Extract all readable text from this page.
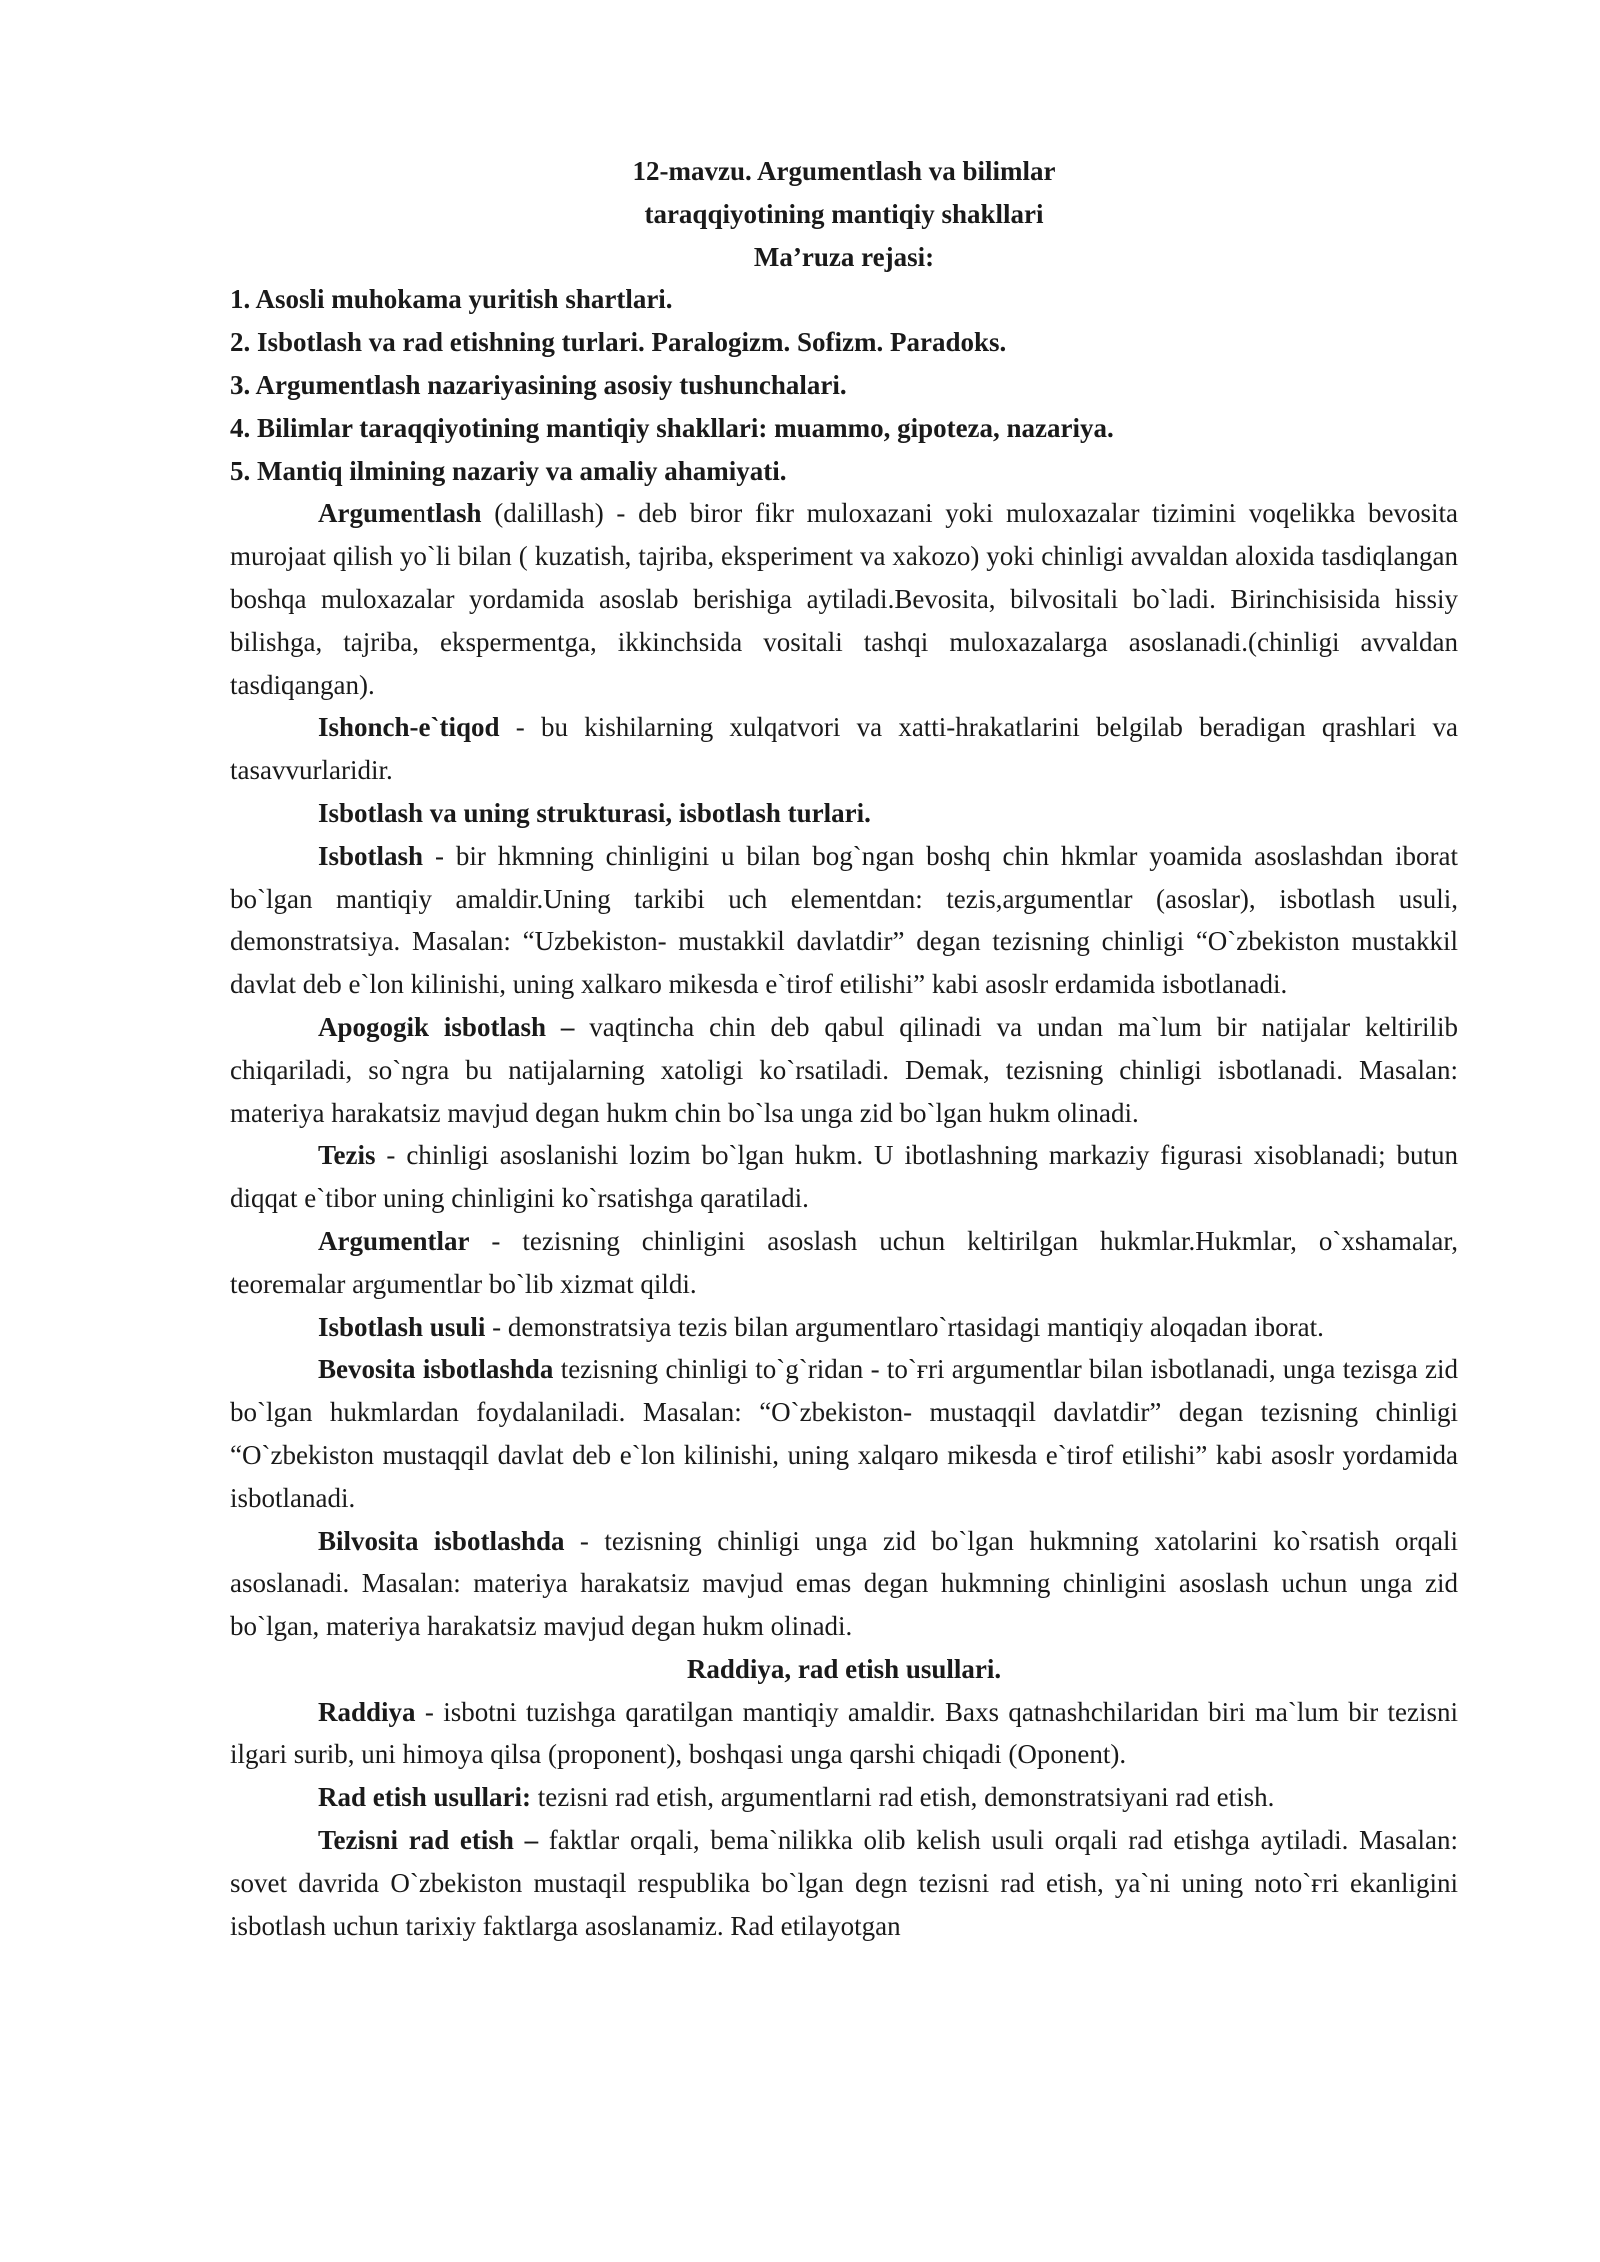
12-mavzu. Argumentlash va bilimlar

taraqqiyotining mantiqiy shakllari

Ma’ruza rejasi:

1. Asosli muhokama yuritish shartlari.
2. Isbotlash va rad etishning turlari. Paralogizm. Sofizm. Paradoks.
3. Argumentlash nazariyasining asosiy tushunchalari.
4. Bilimlar taraqqiyotining mantiqiy shakllari: muammo, gipoteza, nazariya.
5. Mantiq ilmining nazariy va amaliy ahamiyati.

Argumentlash (dalillash) - deb biror fikr muloxazani yoki muloxazalar tizimini voqelikka bevosita murojaat qilish yo`li bilan ( kuzatish, tajriba, eksperiment va xakozo) yoki chinligi avvaldan aloxida tasdiqlangan boshqa muloxazalar yordamida asoslab berishiga aytiladi.Bevosita, bilvositali bo`ladi. Birinchisisida hissiy bilishga, tajriba, ekspermentga, ikkinchsida vositali tashqi muloxazalarga asoslanadi.(chinligi avvaldan tasdiqangan).

Ishonch-e`tiqod - bu kishilarning xulqatvori va xatti-hrakatlarini belgilab beradigan qrashlari va tasavvurlaridir.

Isbotlash va uning strukturasi, isbotlash turlari.

Isbotlash - bir hkmning chinligini u bilan bog`ngan boshq chin hkmlar yoamida asoslashdan iborat bo`lgan mantiqiy amaldir.Uning tarkibi uch elementdan: tezis,argumentlar (asoslar), isbotlash usuli, demonstratsiya. Masalan: “Uzbekiston- mustakkil davlatdir” degan tezisning chinligi “O`zbekiston mustakkil davlat deb e`lon kilinishi, uning xalkaro mikesda e`tirof etilishi” kabi asoslr erdamida isbotlanadi.

Apogogik isbotlash – vaqtincha chin deb qabul qilinadi va undan ma`lum bir natijalar keltirilib chiqariladi, so`ngra bu natijalarning xatoligi ko`rsatiladi. Demak, tezisning chinligi isbotlanadi. Masalan: materiya harakatsiz mavjud degan hukm chin bo`lsa unga zid bo`lgan hukm olinadi.

Tezis - chinligi asoslanishi lozim bo`lgan hukm. U ibotlashning markaziy figurasi xisoblanadi; butun diqqat e`tibor uning chinligini ko`rsatishga qaratiladi.

Argumentlar - tezisning chinligini asoslash uchun keltirilgan hukmlar.Hukmlar, o`xshamalar, teoremalar argumentlar bo`lib xizmat qildi.

Isbotlash usuli - demonstratsiya tezis bilan argumentlaro`rtasidagi mantiqiy aloqadan iborat.

Bevosita isbotlashda tezisning chinligi to`g`ridan - to`ғri argumentlar bilan isbotlanadi, unga tezisga zid bo`lgan hukmlardan foydalaniladi. Masalan: “O`zbekiston- mustaqqil davlatdir” degan tezisning chinligi “O`zbekiston mustaqqil davlat deb e`lon kilinishi, uning xalqaro mikesda e`tirof etilishi” kabi asoslr yordamida isbotlanadi.

Bilvosita isbotlashda - tezisning chinligi unga zid bo`lgan hukmning xatolarini ko`rsatish orqali asoslanadi. Masalan: materiya harakatsiz mavjud emas degan hukmning chinligini asoslash uchun unga zid bo`lgan, materiya harakatsiz mavjud degan hukm olinadi.

Raddiya, rad etish usullari.

Raddiya - isbotni tuzishga qaratilgan mantiqiy amaldir. Baxs qatnashchilaridan biri ma`lum bir tezisni ilgari surib, uni himoya qilsa (proponent), boshqasi unga qarshi chiqadi (Oponent).

Rad etish usullari: tezisni rad etish, argumentlarni rad etish, demonstratsiyani rad etish.

Tezisni rad etish – faktlar orqali, bema`nilikka olib kelish usuli orqali rad etishga aytiladi. Masalan: sovet davrida O`zbekiston mustaqil respublika bo`lgan degn tezisni rad etish, ya`ni uning noto`ғri ekanligini isbotlash uchun tarixiy faktlarga asoslanamiz. Rad etilayotgan
